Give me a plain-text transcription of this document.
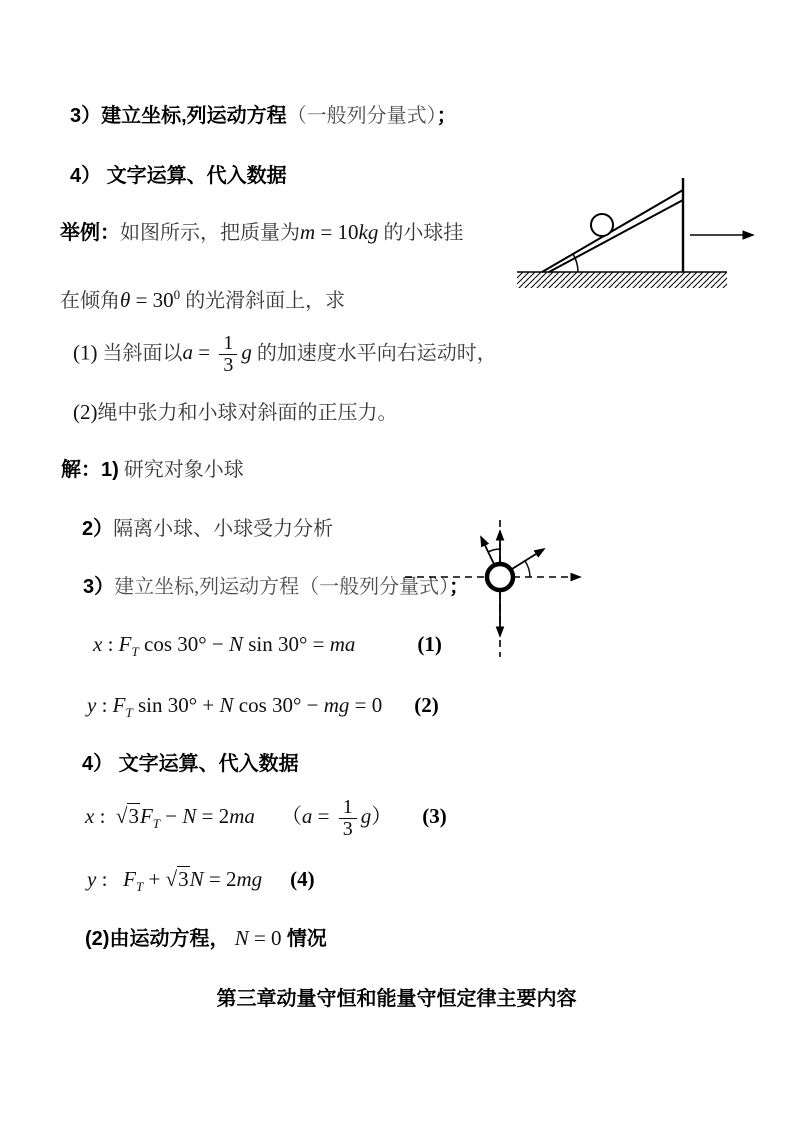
3）建立坐标,列运动方程（一般列分量式）；
4） 文字运算、代入数据
举例：如图所示，把质量为m = 10kg 的小球挂
在倾角$\theta = 30^0$ 的光滑斜面上，求
(1) 当斜面以$a = \frac{1}{3}$ g 的加速度水平向右运动时，
(2)绳中张力和小球对斜面的正压力。
解：1) 研究对象小球
2）隔离小球、小球受力分析
3）建立坐标,列运动方程（一般列分量式）；
x : $F_T$ cos 30° − N sin 30° = ma	(1)
y : $F_T$ sin 30° + N cos 30° − mg = 0 (2)
4） 文字运算、代入数据
x :  $√3F_T - N = 2ma$ $(a = \frac{1}{3} g)$ (3)
y :   $F_T + √3N = 2mg$ (4)
(2)由运动方程， N = 0 情况
第三章动量守恒和能量守恒定律主要内容
